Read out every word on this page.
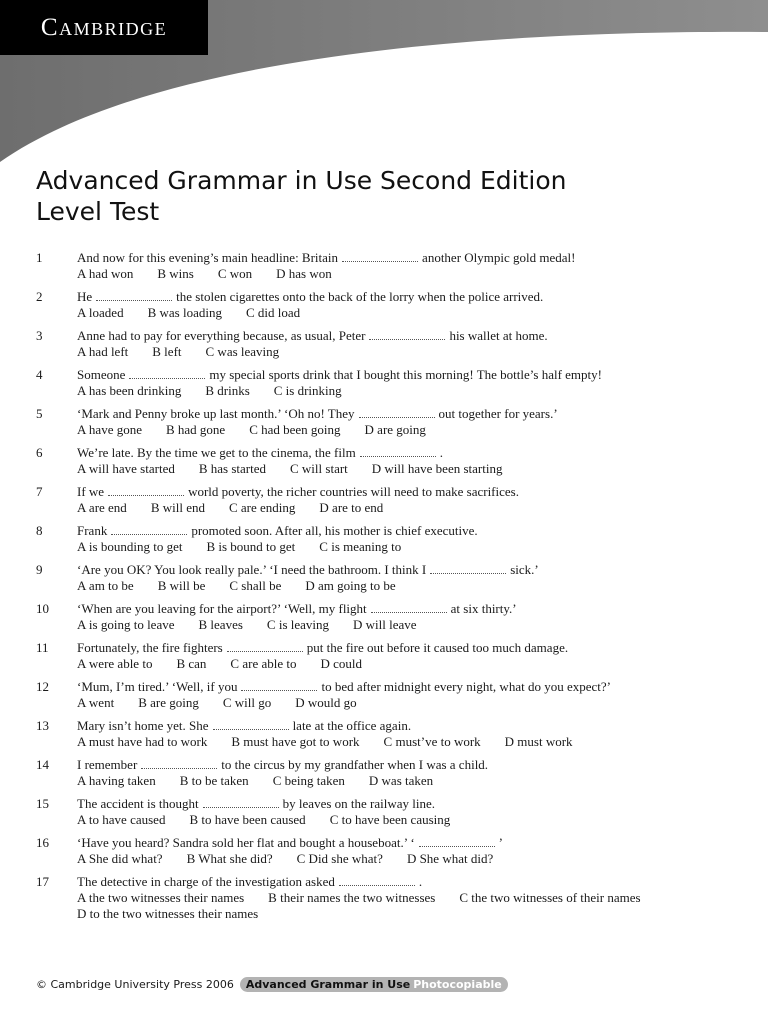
Cambridge
Advanced Grammar in Use Second Edition
Level Test
1	And now for this evening’s main headline: Britain	another Olympic gold medal!
A had won B wins C won D has won
2	He	the stolen cigarettes onto the back of the lorry when the police arrived.
A loaded B was loading C did load
3	Anne had to pay for everything because, as usual, Peter	his wallet at home.
A had left B left C was leaving
4	Someone	my special sports drink that I bought this morning! The bottle’s half empty!
A has been drinking B drinks C is drinking
5	‘Mark and Penny broke up last month.’ ‘Oh no! They	out together for years.’
A have gone B had gone C had been going D are going
6	We’re late. By the time we get to the cinema, the film	.
A will have started B has started C will start D will have been starting
7	If we	world poverty, the richer countries will need to make sacrifices.
A are end B will end C are ending D are to end
8	Frank	promoted soon. After all, his mother is chief executive.
A is bounding to get B is bound to get C is meaning to
9	‘Are you OK? You look really pale.’ ‘I need the bathroom. I think I	sick.’
A am to be B will be C shall be D am going to be
10 ‘When are you leaving for the airport?’ ‘Well, my flight	at six thirty.’
A is going to leave B leaves C is leaving D will leave
11 Fortunately, the fire fighters	put the fire out before it caused too much damage.
A were able to B can C are able to D could
12 ‘Mum, I’m tired.’ ‘Well, if you	to bed after midnight every night, what do you expect?’
A went B are going C will go D would go
13 Mary isn’t home yet. She	late at the office again.
A must have had to work B must have got to work C must’ve to work D must work
14 I remember	to the circus by my grandfather when I was a child.
A having taken B to be taken C being taken D was taken
15 The accident is thought	by leaves on the railway line.
A to have caused B to have been caused C to have been causing
16 ‘Have you heard? Sandra sold her flat and bought a houseboat.’ ‘	’
A She did what? B What she did? C Did she what? D She what did?
17 The detective in charge of the investigation asked	.
A the two witnesses their names B their names the two witnesses C the two witnesses of their names
D to the two witnesses their names
© Cambridge University Press 2006 Advanced Grammar in Use Photocopiable
